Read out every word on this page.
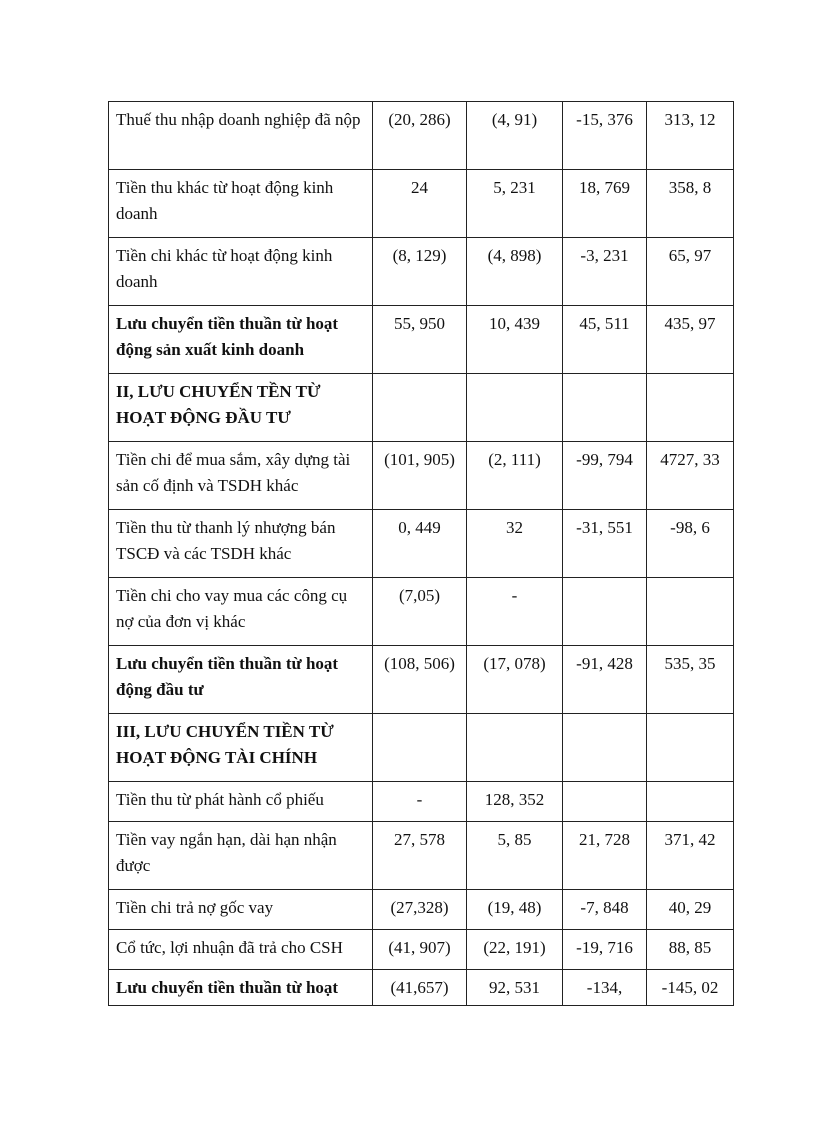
Thuế thu nhập doanh nghiệp đã nộp	(20, 286)	(4, 91)	-15, 376	313, 12
Tiền thu khác từ hoạt động kinh doanh	24	5, 231	18, 769	358, 8
Tiền chi khác từ hoạt động kinh doanh	(8, 129)	(4, 898)	-3, 231	65, 97
Lưu chuyển tiền thuần từ hoạt động sản xuất kinh doanh	55, 950	10, 439	45, 511	435, 97
II, LƯU CHUYỂN TỀN TỪ HOẠT ĐỘNG ĐẦU TƯ				
Tiền chi để mua sắm, xây dựng tài sản cố định và TSDH khác	(101, 905)	(2, 111)	-99, 794	4727, 33
Tiền thu từ thanh lý nhượng bán TSCĐ và các TSDH khác	0, 449	32	-31, 551	-98, 6
Tiền chi cho vay mua các công cụ nợ của đơn vị khác	(7,05)	-		
Lưu chuyển tiền thuần từ hoạt động đầu tư	(108, 506)	(17, 078)	-91, 428	535, 35
III, LƯU CHUYỂN TIỀN TỪ HOẠT ĐỘNG TÀI CHÍNH				
Tiền thu từ phát hành cổ phiếu	-	128, 352		
Tiền vay ngắn hạn, dài hạn nhận được	27, 578	5, 85	21, 728	371, 42
Tiền chi trả nợ gốc vay	(27,328)	(19, 48)	-7, 848	40, 29
Cổ tức, lợi nhuận đã trả cho CSH	(41, 907)	(22, 191)	-19, 716	88, 85
Lưu chuyển tiền thuần từ hoạt	(41,657)	92, 531	-134,	-145, 02
